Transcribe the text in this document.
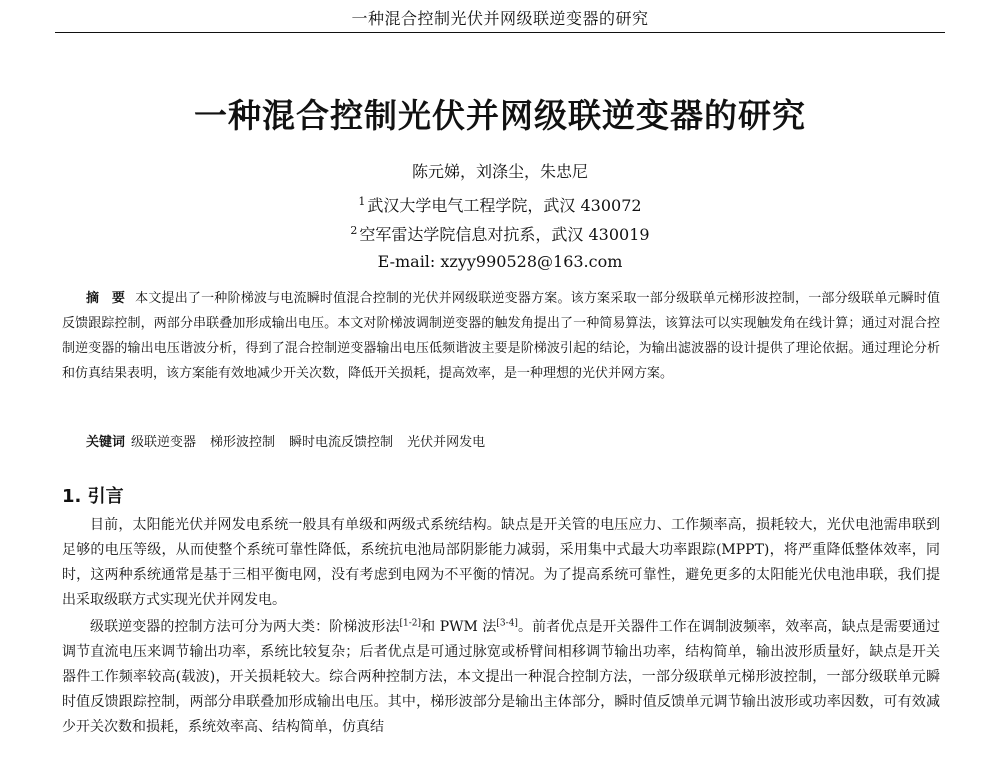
一种混合控制光伏并网级联逆变器的研究
一种混合控制光伏并网级联逆变器的研究
陈元娣，刘涤尘，朱忠尼
$^1$ 武汉大学电气工程学院，武汉 430072
$^2$ 空军雷达学院信息对抗系，武汉 430019
E-mail: xzyy990528@163.com

摘 要 本文提出了一种阶梯波与电流瞬时值混合控制的光伏并网级联逆变器方案。该方案采取一部分级联单元梯形波控制，一部分级联单元瞬时值反馈跟踪控制，两部分串联叠加形成输出电压。本文对阶梯波调制逆变器的触发角提出了一种简易算法，该算法可以实现触发角在线计算；通过对混合控制逆变器的输出电压谐波分析，得到了混合控制逆变器输出电压低频谐波主要是阶梯波引起的结论，为输出滤波器的设计提供了理论依据。通过理论分析和仿真结果表明，该方案能有效地减少开关次数，降低开关损耗，提高效率，是一种理想的光伏并网方案。

关键词 级联逆变器 梯形波控制 瞬时电流反馈控制 光伏并网发电

1. 引言

目前，太阳能光伏并网发电系统一般具有单级和两级式系统结构。缺点是开关管的电压应力、工作频率高，损耗较大，光伏电池需串联到足够的电压等级，从而使整个系统可靠性降低，系统抗电池局部阴影能力减弱，采用集中式最大功率跟踪(MPPT)，将严重降低整体效率，同时，这两种系统通常是基于三相平衡电网，没有考虑到电网为不平衡的情况。为了提高系统可靠性，避免更多的太阳能光伏电池串联，我们提出采取级联方式实现光伏并网发电。

级联逆变器的控制方法可分为两大类：阶梯波形法[1-2]和 PWM 法[3-4]。前者优点是开关器件工作在调制波频率，效率高，缺点是需要通过调节直流电压来调节输出功率，系统比较复杂；后者优点是可通过脉宽或桥臂间相移调节输出功率，结构简单，输出波形质量好，缺点是开关器件工作频率较高(载波)，开关损耗较大。综合两种控制方法，本文提出一种混合控制方法，一部分级联单元梯形波控制，一部分级联单元瞬时值反馈跟踪控制，两部分串联叠加形成输出电压。其中，梯形波部分是输出主体部分，瞬时值反馈单元调节输出波形或功率因数，可有效减少开关次数和损耗，系统效率高、结构简单，仿真结
